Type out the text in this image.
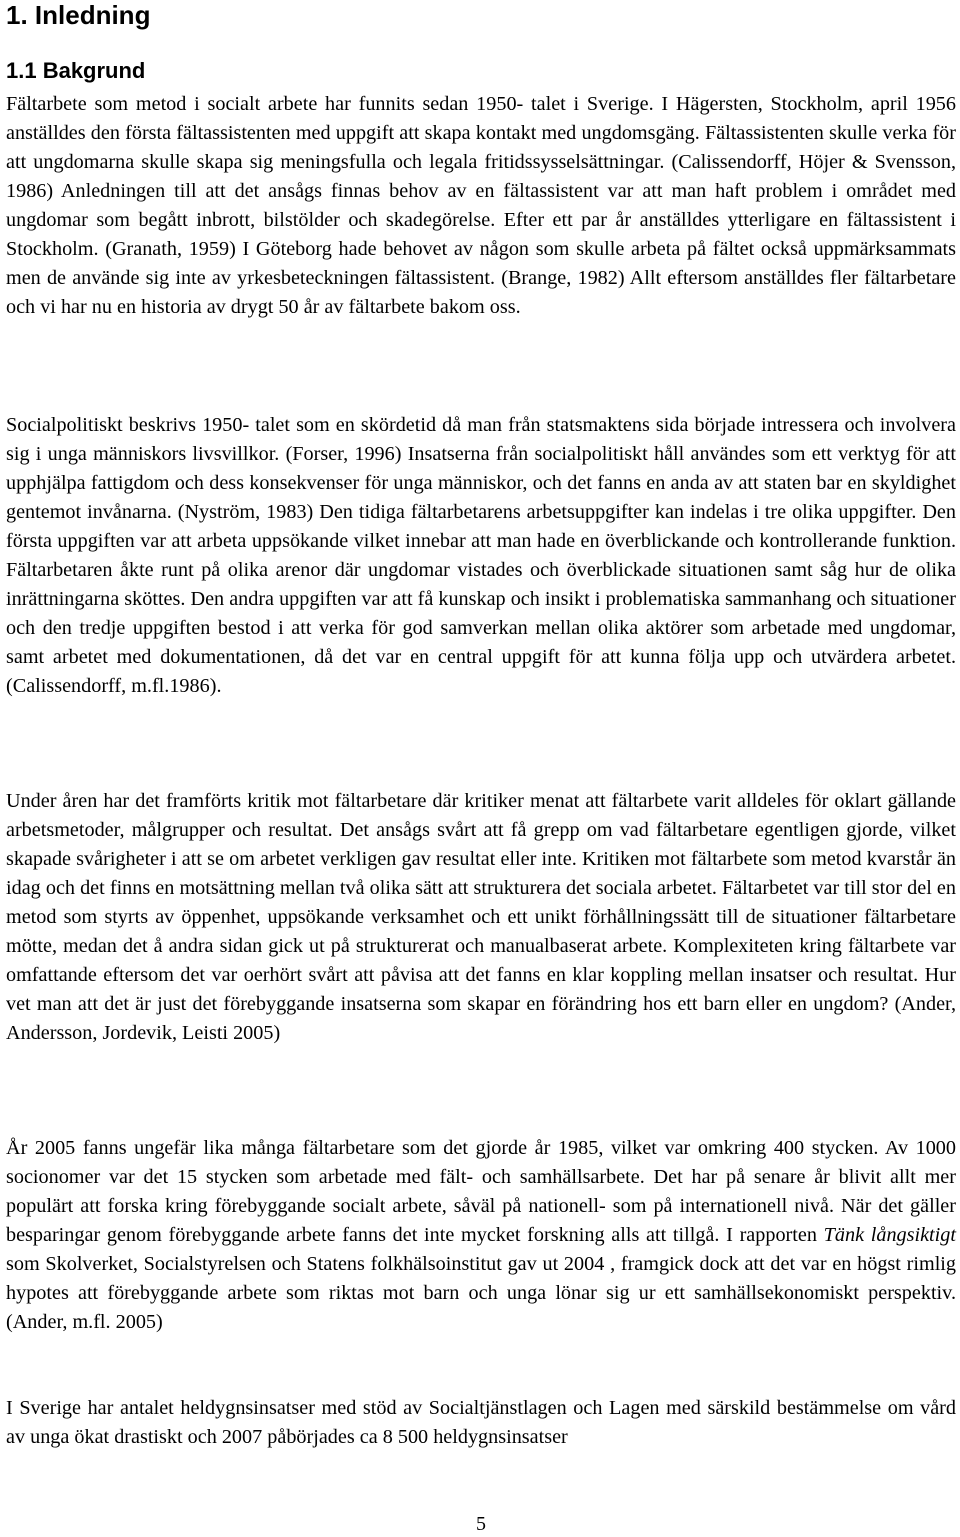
1. Inledning
1.1 Bakgrund

Fältarbete som metod i socialt arbete har funnits sedan 1950- talet i Sverige. I Hägersten, Stockholm, april 1956 anställdes den första fältassistenten med uppgift att skapa kontakt med ungdomsgäng. Fältassistenten skulle verka för att ungdomarna skulle skapa sig meningsfulla och legala fritidssysselsättningar. (Calissendorff, Höjer & Svensson, 1986) Anledningen till att det ansågs finnas behov av en fältassistent var att man haft problem i området med ungdomar som begått inbrott, bilstölder och skadegörelse. Efter ett par år anställdes ytterligare en fältassistent i Stockholm. (Granath, 1959) I Göteborg hade behovet av någon som skulle arbeta på fältet också uppmärksammats men de använde sig inte av yrkesbeteckningen fältassistent. (Brange, 1982) Allt eftersom anställdes fler fältarbetare och vi har nu en historia av drygt 50 år av fältarbete bakom oss.

Socialpolitiskt beskrivs 1950- talet som en skördetid då man från statsmaktens sida började intressera och involvera sig i unga människors livsvillkor. (Forser, 1996) Insatserna från socialpolitiskt håll användes som ett verktyg för att upphjälpa fattigdom och dess konsekvenser för unga människor, och det fanns en anda av att staten bar en skyldighet gentemot invånarna. (Nyström, 1983) Den tidiga fältarbetarens arbetsuppgifter kan indelas i tre olika uppgifter. Den första uppgiften var att arbeta uppsökande vilket innebar att man hade en överblickande och kontrollerande funktion. Fältarbetaren åkte runt på olika arenor där ungdomar vistades och överblickade situationen samt såg hur de olika inrättningarna sköttes. Den andra uppgiften var att få kunskap och insikt i problematiska sammanhang och situationer och den tredje uppgiften bestod i att verka för god samverkan mellan olika aktörer som arbetade med ungdomar, samt arbetet med dokumentationen, då det var en central uppgift för att kunna följa upp och utvärdera arbetet. (Calissendorff, m.fl.1986).

Under åren har det framförts kritik mot fältarbetare där kritiker menat att fältarbete varit alldeles för oklart gällande arbetsmetoder, målgrupper och resultat. Det ansågs svårt att få grepp om vad fältarbetare egentligen gjorde, vilket skapade svårigheter i att se om arbetet verkligen gav resultat eller inte. Kritiken mot fältarbete som metod kvarstår än idag och det finns en motsättning mellan två olika sätt att strukturera det sociala arbetet. Fältarbetet var till stor del en metod som styrts av öppenhet, uppsökande verksamhet och ett unikt förhållningssätt till de situationer fältarbetare mötte, medan det å andra sidan gick ut på strukturerat och manualbaserat arbete. Komplexiteten kring fältarbete var omfattande eftersom det var oerhört svårt att påvisa att det fanns en klar koppling mellan insatser och resultat. Hur vet man att det är just det förebyggande insatserna som skapar en förändring hos ett barn eller en ungdom? (Ander, Andersson, Jordevik, Leisti 2005)

År 2005 fanns ungefär lika många fältarbetare som det gjorde år 1985, vilket var omkring 400 stycken. Av 1000 socionomer var det 15 stycken som arbetade med fält- och samhällsarbete. Det har på senare år blivit allt mer populärt att forska kring förebyggande socialt arbete, såväl på nationell- som på internationell nivå. När det gäller besparingar genom förebyggande arbete fanns det inte mycket forskning alls att tillgå. I rapporten Tänk långsiktigt som Skolverket, Socialstyrelsen och Statens folkhälsoinstitut gav ut 2004 , framgick dock att det var en högst rimlig hypotes att förebyggande arbete som riktas mot barn och unga lönar sig ur ett samhällsekonomiskt perspektiv. (Ander, m.fl. 2005)

I Sverige har antalet heldygnsinsatser med stöd av Socialtjänstlagen och Lagen med särskild bestämmelse om vård av unga ökat drastiskt och 2007 påbörjades ca 8 500 heldygnsinsatser

5
